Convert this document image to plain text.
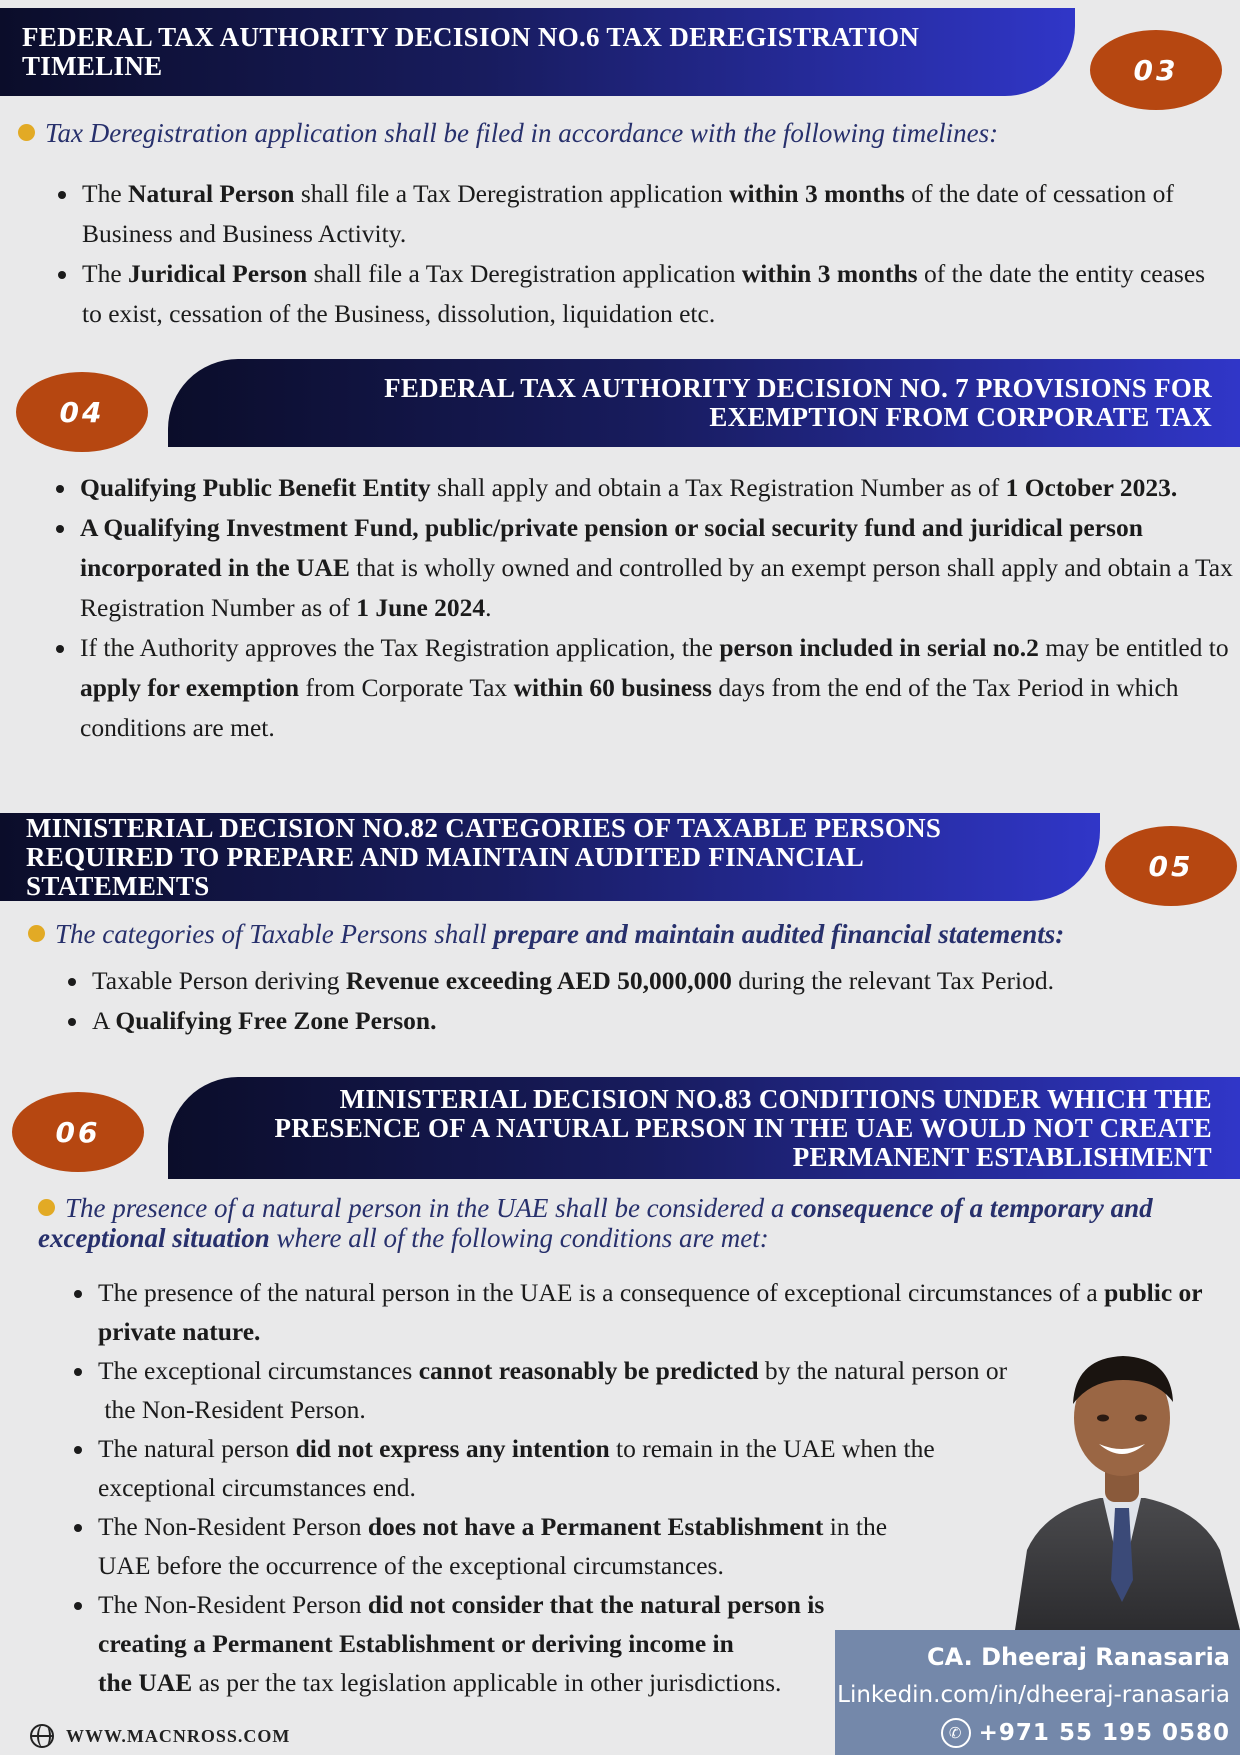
FEDERAL TAX AUTHORITY DECISION NO.6 TAX DEREGISTRATION
TIMELINE	03
Tax Deregistration application shall be filed in accordance with the following timelines:
• The Natural Person shall file a Tax Deregistration application within 3 months of the date of cessation of Business and Business Activity.
• The Juridical Person shall file a Tax Deregistration application within 3 months of the date the entity ceases to exist, cessation of the Business, dissolution, liquidation etc.
04
FEDERAL TAX AUTHORITY DECISION NO. 7 PROVISIONS FOR
EXEMPTION FROM CORPORATE TAX
• Qualifying Public Benefit Entity shall apply and obtain a Tax Registration Number as of 1 October 2023.
• A Qualifying Investment Fund, public/private pension or social security fund and juridical person incorporated in the UAE that is wholly owned and controlled by an exempt person shall apply and obtain a Tax Registration Number as of 1 June 2024.
• If the Authority approves the Tax Registration application, the person included in serial no.2 may be entitled to apply for exemption from Corporate Tax within 60 business days from the end of the Tax Period in which conditions are met.
MINISTERIAL DECISION NO.82 CATEGORIES OF TAXABLE PERSONS
REQUIRED TO PREPARE AND MAINTAIN AUDITED FINANCIAL STATEMENTS
05
The categories of Taxable Persons shall prepare and maintain audited financial statements:
• Taxable Person deriving Revenue exceeding AED 50,000,000 during the relevant Tax Period.
• A Qualifying Free Zone Person.
06
MINISTERIAL DECISION NO.83 CONDITIONS UNDER WHICH THE
PRESENCE OF A NATURAL PERSON IN THE UAE WOULD NOT CREATE
PERMANENT ESTABLISHMENT
The presence of a natural person in the UAE shall be considered a consequence of a temporary and exceptional situation where all of the following conditions are met:
• The presence of the natural person in the UAE is a consequence of exceptional circumstances of a public or private nature.
• The exceptional circumstances cannot reasonably be predicted by the natural person or
the Non-Resident Person.
• The natural person did not express any intention to remain in the UAE when the
exceptional circumstances end.
• The Non-Resident Person does not have a Permanent Establishment in the
UAE before the occurrence of the exceptional circumstances.
• The Non-Resident Person did not consider that the natural person is
creating a Permanent Establishment or deriving income in
the UAE as per the tax legislation applicable in other jurisdictions.
CA. Dheeraj Ranasaria
Linkedin.com/in/dheeraj-ranasaria
✆ +971 55 195 0580
WWW.MACNROSS.COM
